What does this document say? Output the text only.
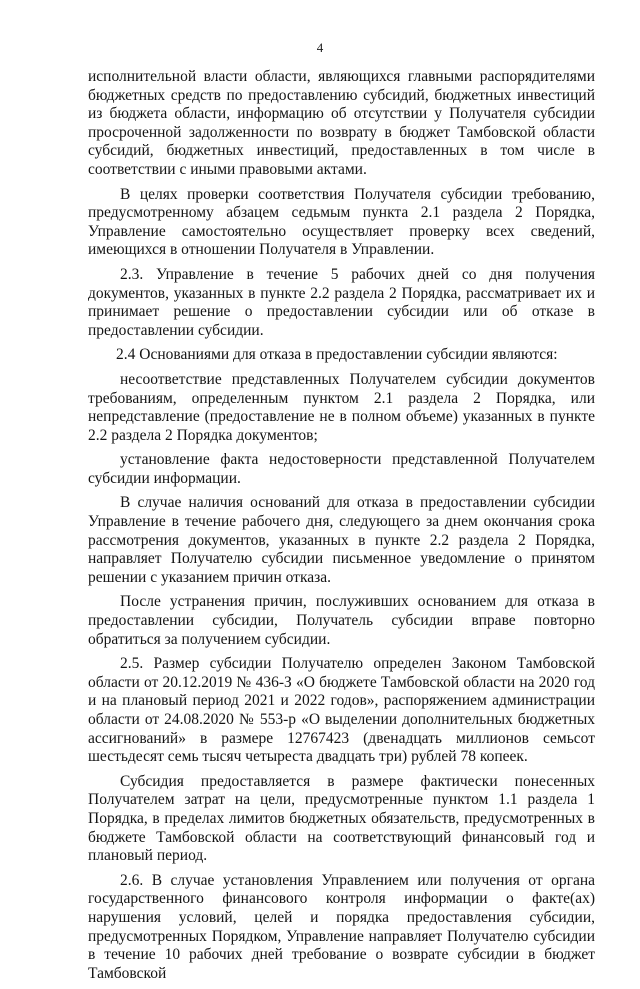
4

исполнительной власти области, являющихся главными распорядителями бюджетных средств по предоставлению субсидий, бюджетных инвестиций из бюджета области, информацию об отсутствии у Получателя субсидии просроченной задолженности по возврату в бюджет Тамбовской области субсидий, бюджетных инвестиций, предоставленных в том числе в соответствии с иными правовыми актами.

В целях проверки соответствия Получателя субсидии требованию, предусмотренному абзацем седьмым пункта 2.1 раздела 2 Порядка, Управление самостоятельно осуществляет проверку всех сведений, имеющихся в отношении Получателя в Управлении.

2.3. Управление в течение 5 рабочих дней со дня получения документов, указанных в пункте 2.2 раздела 2 Порядка, рассматривает их и принимает решение о предоставлении субсидии или об отказе в предоставлении субсидии.

2.4 Основаниями для отказа в предоставлении субсидии являются:

несоответствие представленных Получателем субсидии документов требованиям, определенным пунктом 2.1 раздела 2 Порядка, или непредставление (предоставление не в полном объеме) указанных в пункте 2.2 раздела 2 Порядка документов;

установление факта недостоверности представленной Получателем субсидии информации.

В случае наличия оснований для отказа в предоставлении субсидии Управление в течение рабочего дня, следующего за днем окончания срока рассмотрения документов, указанных в пункте 2.2 раздела 2 Порядка, направляет Получателю субсидии письменное уведомление о принятом решении с указанием причин отказа.

После устранения причин, послуживших основанием для отказа в предоставлении субсидии, Получатель субсидии вправе повторно обратиться за получением субсидии.

2.5. Размер субсидии Получателю определен Законом Тамбовской области от 20.12.2019 № 436-З «О бюджете Тамбовской области на 2020 год и на плановый период 2021 и 2022 годов», распоряжением администрации области от 24.08.2020 № 553-р «О выделении дополнительных бюджетных ассигнований» в размере 12767423 (двенадцать миллионов семьсот шестьдесят семь тысяч четыреста двадцать три) рублей 78 копеек.

Субсидия предоставляется в размере фактически понесенных Получателем затрат на цели, предусмотренные пунктом 1.1 раздела 1 Порядка, в пределах лимитов бюджетных обязательств, предусмотренных в бюджете Тамбовской области на соответствующий финансовый год и плановый период.

2.6. В случае установления Управлением или получения от органа государственного финансового контроля информации о факте(ах) нарушения условий, целей и порядка предоставления субсидии, предусмотренных Порядком, Управление направляет Получателю субсидии в течение 10 рабочих дней требование о возврате субсидии в бюджет Тамбовской
